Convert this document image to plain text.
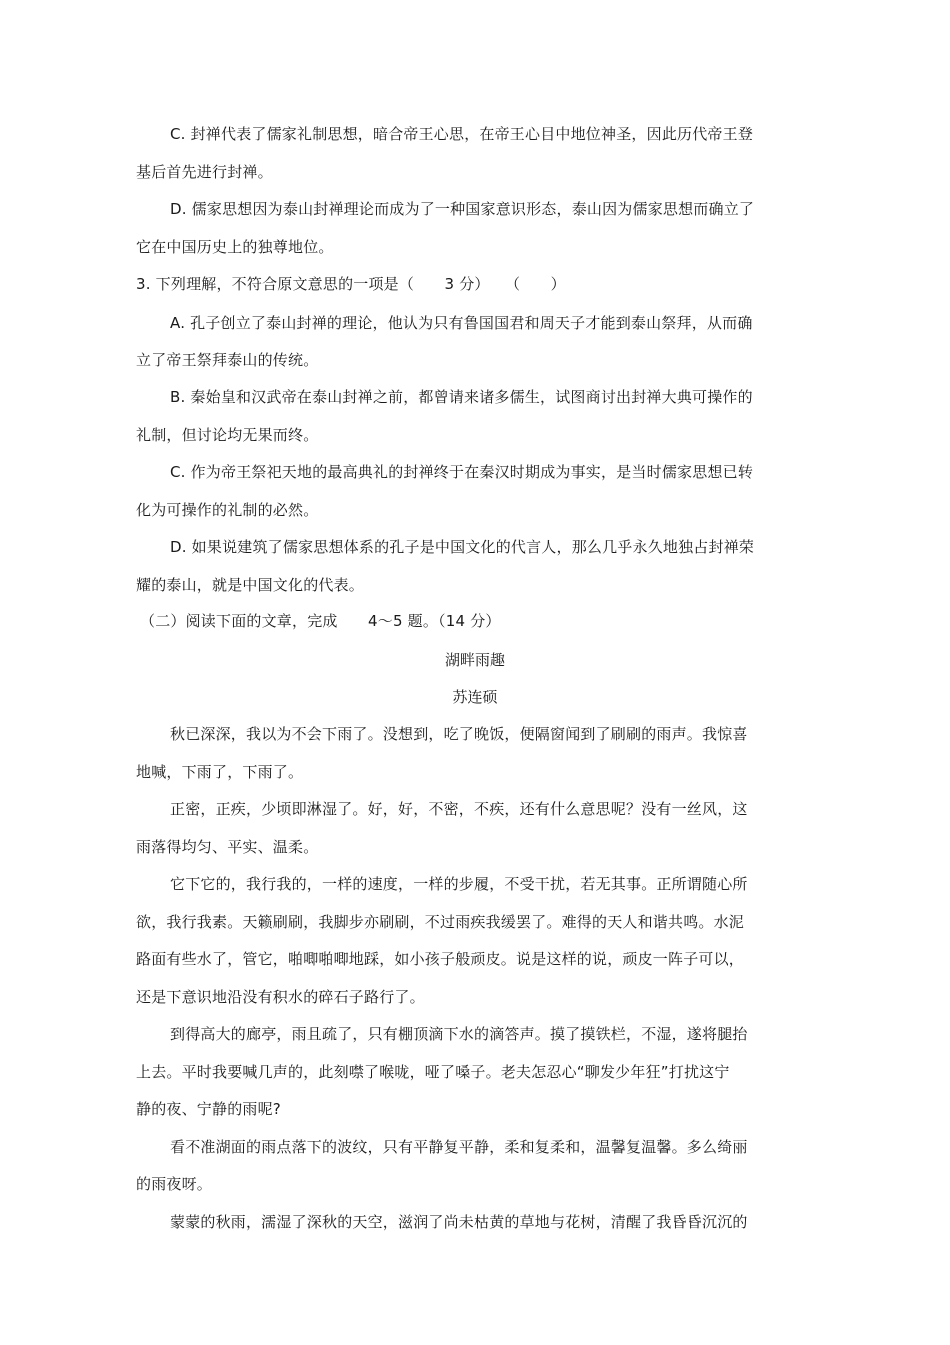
C. 封禅代表了儒家礼制思想，暗合帝王心思，在帝王心目中地位神圣，因此历代帝王登
基后首先进行封禅。
D. 儒家思想因为泰山封禅理论而成为了一种国家意识形态，泰山因为儒家思想而确立了
它在中国历史上的独尊地位。
3. 下列理解，不符合原文意思的一项是（　　3 分）　　（　　）
A. 孔子创立了泰山封禅的理论，他认为只有鲁国国君和周天子才能到泰山祭拜，从而确
立了帝王祭拜泰山的传统。
B. 秦始皇和汉武帝在泰山封禅之前，都曾请来诸多儒生，试图商讨出封禅大典可操作的
礼制，但讨论均无果而终。
C. 作为帝王祭祀天地的最高典礼的封禅终于在秦汉时期成为事实，是当时儒家思想已转
化为可操作的礼制的必然。
D. 如果说建筑了儒家思想体系的孔子是中国文化的代言人，那么几乎永久地独占封禅荣
耀的泰山，就是中国文化的代表。
（二）阅读下面的文章，完成　　4～5 题。（14 分）
湖畔雨趣
苏连硕
秋已深深，我以为不会下雨了。没想到，吃了晚饭，便隔窗闻到了刷刷的雨声。我惊喜
地喊，下雨了，下雨了。
正密，正疾，少顷即淋湿了。好，好，不密，不疾，还有什么意思呢？没有一丝风，这
雨落得均匀、平实、温柔。
它下它的，我行我的，一样的速度，一样的步履，不受干扰，若无其事。正所谓随心所
欲，我行我素。天籁刷刷，我脚步亦刷刷，不过雨疾我缓罢了。难得的天人和谐共鸣。水泥
路面有些水了，管它，啪唧啪唧地踩，如小孩子般顽皮。说是这样的说，顽皮一阵子可以，
还是下意识地沿没有积水的碎石子路行了。
到得高大的廊亭，雨且疏了，只有棚顶滴下水的滴答声。摸了摸铁栏，不湿，遂将腿抬
上去。平时我要喊几声的，此刻噤了喉咙，哑了嗓子。老夫怎忍心“聊发少年狂”打扰这宁
静的夜、宁静的雨呢?
看不准湖面的雨点落下的波纹，只有平静复平静，柔和复柔和，温馨复温馨。多么绮丽
的雨夜呀。
蒙蒙的秋雨，濡湿了深秋的天空，滋润了尚未枯黄的草地与花树，清醒了我昏昏沉沉的
